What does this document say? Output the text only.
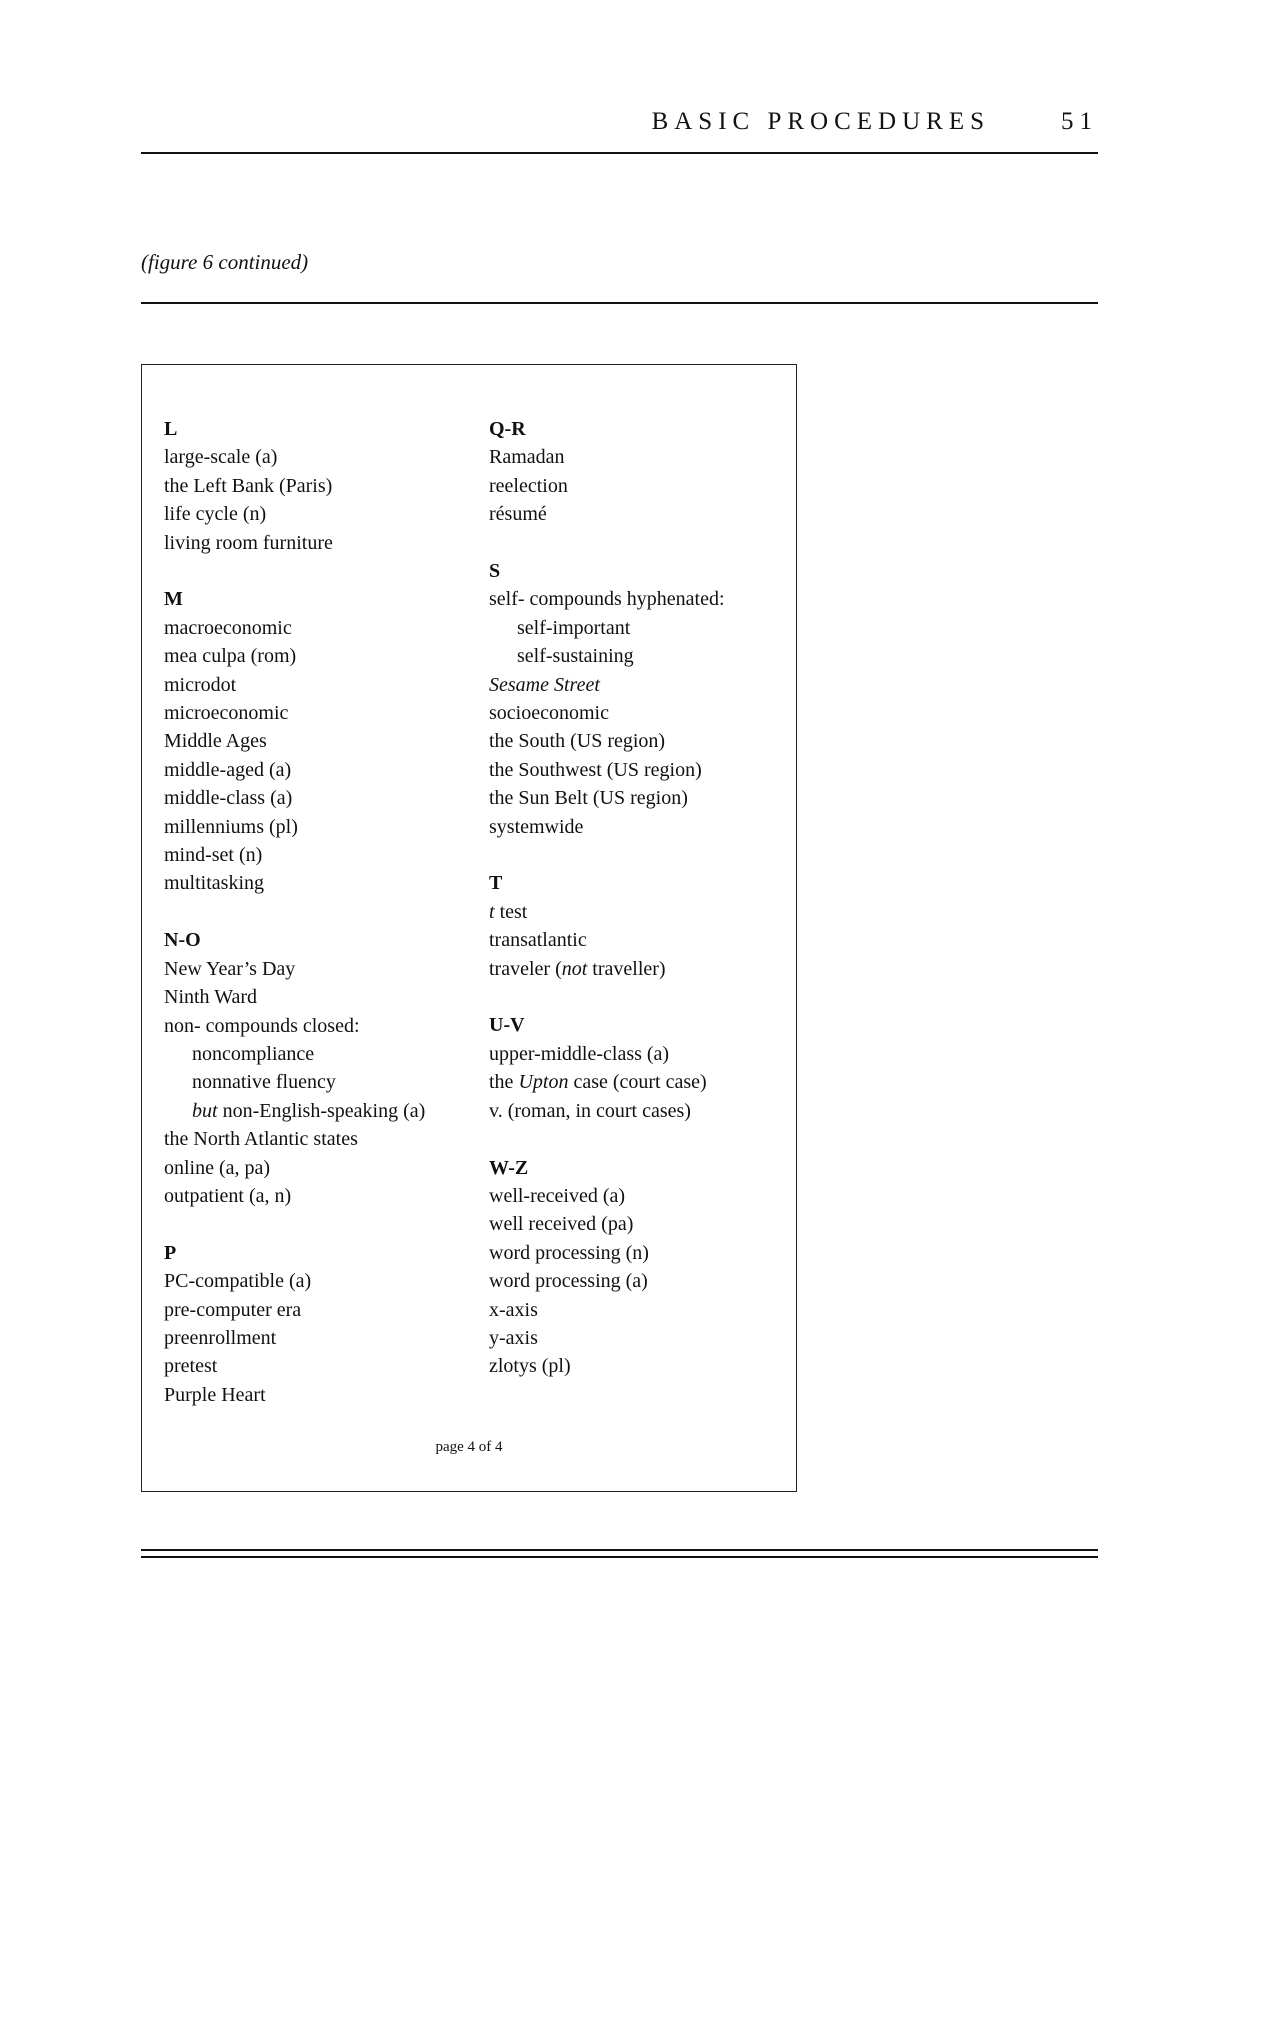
BASIC PROCEDURES	51
(figure 6 continued)
L
large-scale (a)
the Left Bank (Paris)
life cycle (n)
living room furniture
M
macroeconomic
mea culpa (rom)
microdot
microeconomic
Middle Ages
middle-aged (a)
middle-class (a)
millenniums (pl)
mind-set (n)
multitasking
N-O
New Year’s Day
Ninth Ward
non- compounds closed:
noncompliance
nonnative fluency
but non-English-speaking (a)
the North Atlantic states
online (a, pa)
outpatient (a, n)
P
PC-compatible (a)
pre-computer era
preenrollment
pretest
Purple Heart
Q-R
Ramadan
reelection
résumé
S
self- compounds hyphenated:
self-important
self-sustaining
Sesame Street
socioeconomic
the South (US region)
the Southwest (US region)
the Sun Belt (US region)
systemwide
T
t test
transatlantic
traveler (not traveller)
U-V
upper-middle-class (a)
the Upton case (court case)
v. (roman, in court cases)
W-Z
well-received (a)
well received (pa)
word processing (n)
word processing (a)
x-axis
y-axis
zlotys (pl)
page 4 of 4
